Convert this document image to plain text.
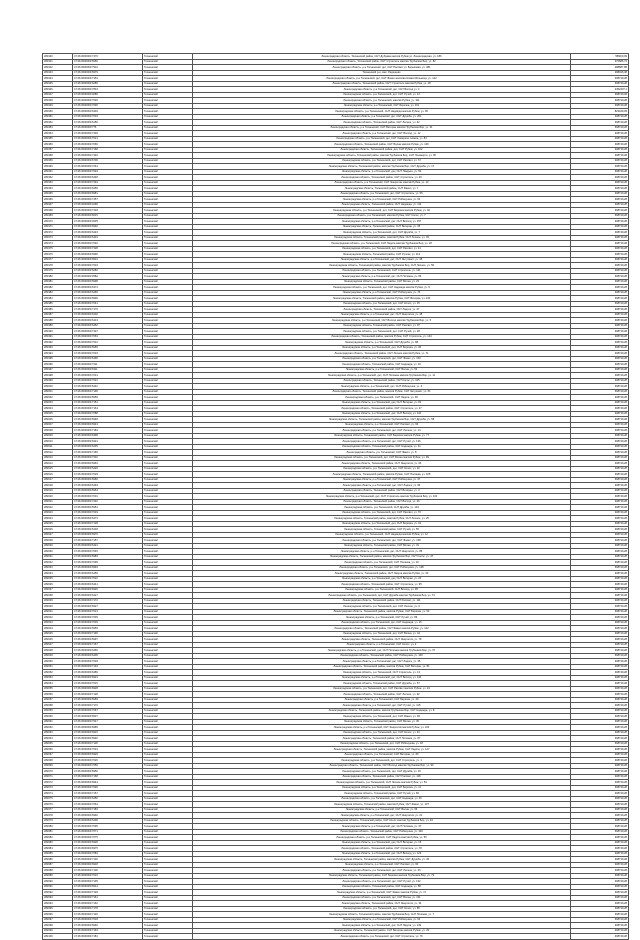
281940	47:26:0000000:7476	Тосненский	Ленинградская область, Тосненский район, СНТ Дубрава массив Рубеж ул. Ленинградская, уч. 186	5890(9,09
281941	47:26:0000000:6956	Тосненский	Ленинградская область, Тосненский район, СНТ Строитель массив Трубников Бор, уч. 82	370886,74
281942	47:26:0000000:7901	Тосненский	Ленинградская область, р-н Тосненский, днт, СНТ Рассвет ул. Березовая, уч. 381	288887,88
281943	47:26:0000000:6979	Тосненский	Тосненский р-н, мас. Радищево	298046,38
281944	47:26:0000000:7154	Тосненский	Ленинградская область, р-н Тосненский, днт, СНТ Факел массива Новая Мельница, уч. 142	308749,28
281945	47:26:0000000:6286	Тосненский	Ленинградская область, Тосненский район, СНТ Строитель массив Рубеж, уч. 18	308749,28
281946	47:26:0000000:7834	Тосненский	Ленинградская область, р-н Тосненский, днт, СНТ Восход уч. 4	2452437,1
281947	47:26:0000000:4086	Тосненский	Ленинградская область, р-н Тосненский, днт, СНТ Ручей, уч. 12	308749,28
281948	47:26:0000000:7030	Тосненский	Ленинградская область, р-н Тосненский, массив Рубеж, уч. 311	308749,28
281949	47:26:0000000:7090	Тосненский	Ленинградская область, р-н Тосненский, СНТ Березка, уч. 101	308749,28
281950	47:26:0000000:6304	Тосненский	Ленинградская область, р-н Тосненский, СНТ Надежда массив Рубеж, уч. 66	823449,09
281951	47:26:0000000:7004	Тосненский	Ленинградская область, р-н Тосненский, днт, СНТ Дружба, уч. 201	308749,28
281952	47:26:0000000:6150	Тосненский	Ленинградская область, Тосненский район, СНТ Лесное, уч. 42	308749,28
281953	47:26:0000000:776	Тосненский	Ленинградская область, р-н Тосненский, СНТ Ветеран массив Трубников Бор, уч. 31	308749,28
281954	47:26:0000000:7436	Тосненский	Ленинградская область, р-н Тосненский, днт, СНТ Восход, уч. 12	308749,28
281955	47:26:0000000:7021	Тосненский	Ленинградская область, р-н Тосненский, днт, СНТ Северное сияние, уч. 84	308749,28
281956	47:26:0000000:7066	Тосненский	Ленинградская область, Тосненский район, СНТ Волна массив Рубеж, уч. 109	308749,28
281957	47:26:0000000:7168	Тосненский	Ленинградская область, Тосненский район, днт, СНТ Рубеж, уч. 102	308749,28
281958	47:26:0000000:7446	Тосненский	Ленинградская область, Тосненский район, массив Трубников Бор, СНТ Ленэнерго, уч. 45	308749,28
281959	47:26:0000000:6706	Тосненский	Ленинградская область, р-н Тосненский, днт, СНТ Рассвет, уч. 72	308749,28
281960	47:26:0000000:7261	Тосненский	Ленинградская область, Тосненский район, массив Трубников Бор, СНТ Дружба, уч. 17	308749,28
281961	47:26:0000000:7094	Тосненский	Ленинградская область, р-н Тосненский, днт, СНТ Ландыш, уч. 50	308749,28
281962	47:26:0000000:6448	Тосненский	Ленинградская область, Тосненский район, СНТ Строитель, уч. 46	308749,28
281963	47:26:0000000:7294	Тосненский	Ленинградская область, р-н Тосненский, СНТ Энергетик массив Рубеж, уч. 13	308749,28
281964	47:26:0000000:6456	Тосненский	Ленинградская область, Тосненский район, СНТ Факел, уч. 7	308749,28
281965	47:26:0000000:6981	Тосненский	Ленинградская область, р-н Тосненский, днт, СНТ Строитель, уч. 56	308749,28
281966	47:26:0000000:7457	Тосненский	Ленинградская область, р-н Тосненский, СНТ Рябинушка, уч. 63	308749,28
281967	47:26:0000000:4290	Тосненский	Ленинградская область, Тосненский район, СНТ Надежда, уч. 114	308749,28
281968	47:26:0000000:7418	Тосненский	Ленинградская область, р-н Тосненский, днт, СНТ Березка массив Рубеж, уч. 92	308749,28
281969	47:26:0000000:6615	Тосненский	Ленинградская область, р-н Тосненский, массив Рубеж, СНТ Колос, уч. 7	308749,28
281970	47:26:0000000:4535	Тосненский	Ленинградская область, р-н Тосненский, днт, СНТ Восход, уч. 157	308749,28
281971	47:26:0000000:6992	Тосненский	Ленинградская область, Тосненский район, СНТ Ветеран, уч. 95	308749,28
281972	47:26:0000000:6424	Тосненский	Ленинградская область, р-н Тосненский, днт, СНТ Дружба, уч. 7	308749,28
281973	47:26:0000000:6434	Тосненский	Ленинградская область, Тосненский район, массив Рубеж, СНТ Лесное, уч. 33	308749,28
281974	47:26:0000000:7046	Тосненский	Ленинградская область, р-н Тосненский, СНТ Ладога массив Трубников Бор, уч. 18	308749,28
281975	47:26:0000000:7328	Тосненский	Ленинградская область, р-н Тосненский, днт, СНТ Рассвет, уч. 41	308749,28
281976	47:26:0000000:6996	Тосненский	Ленинградская область, Тосненский район, СНТ Ручеек, уч. 112	308749,28
281977	47:26:0000000:6501	Тосненский	Ленинградская область, р-н Тосненский, днт, СНТ Энтузиаст, уч. 35	308749,28
281978	47:26:0000000:7004	Тосненский	Ленинградская область, Тосненский район, массив Трубников Бор, СНТ Лесное, уч. 59	308749,28
281979	47:26:0000000:6282	Тосненский	Ленинградская область, р-н Тосненский, СНТ Строитель, уч. 121	308749,28
281980	47:26:0000000:4582	Тосненский	Ленинградская область, р-н Тосненский, днт, СНТ Полянка, уч. 84	308749,28
281981	47:26:0000000:6998	Тосненский	Ленинградская область, Тосненский район, СНТ Волна, уч. 23	308749,28
281982	47:26:0000000:6474	Тосненский	Ленинградская область, р-н Тосненский, днт, СНТ Надежда массив Рубеж, уч. 9	308749,28
281983	47:26:0000000:6465	Тосненский	Ленинградская область, р-н Тосненский, СНТ Рябинушка, уч. 76	308749,28
281984	47:26:0000000:6999	Тосненский	Ленинградская область, Тосненский район, массив Рубеж, СНТ Ветеран, уч. 130	308749,28
281985	47:26:0000000:7041	Тосненский	Ленинградская область, р-н Тосненский, днт, СНТ Колос, уч. 15	308749,28
281986	47:26:0000000:7176	Тосненский	Ленинградская область, Тосненский район, СНТ Ладога, уч. 67	308749,28
281987	47:26:0000000:6402	Тосненский	Ленинградская область, р-н Тосненский, днт, СНТ Энергетик, уч. 48	308749,28
281988	47:26:0000000:6413	Тосненский	Ленинградская область, р-н Тосненский, СНТ Восход массив Трубников Бор, уч. 5	308749,28
281989	47:26:0000000:6452	Тосненский	Ленинградская область, Тосненский район, СНТ Рассвет, уч. 97	308749,28
281990	47:26:0000000:7437	Тосненский	Ленинградская область, р-н Тосненский, днт, СНТ Ручей, уч. 28	308749,28
281991	47:26:0000000:7063	Тосненский	Ленинградская область, Тосненский район, массив Рубеж, СНТ Строитель, уч. 144	308749,28
281992	47:26:0000000:7012	Тосненский	Ленинградская область, р-н Тосненский, СНТ Дружба, уч. 88	308749,28
281993	47:26:0000000:6966	Тосненский	Ленинградская область, р-н Тосненский, днт, СНТ Березка, уч. 36	308749,28
281994	47:26:0000000:7033	Тосненский	Ленинградская область, Тосненский район, СНТ Лесное массив Рубеж, уч. 71	308749,28
281995	47:26:0000000:6490	Тосненский	Ленинградская область, р-н Тосненский, днт, СНТ Факел, уч. 103	308749,28
281996	47:26:0000000:7211	Тосненский	Ленинградская область, Тосненский район, СНТ Надежда, уч. 19	308749,28
281997	47:26:0000000:6311	Тосненский	Ленинградская область, р-н Тосненский, СНТ Волна, уч. 52	308749,28
281998	47:26:0000000:7014	Тосненский	Ленинградская область, р-н Тосненский, днт, СНТ Полянка массив Трубников Бор, уч. 11	308749,28
281999	47:26:0000000:7031	Тосненский	Ленинградская область, Тосненский район, СНТ Колос, уч. 125	308749,28
282000	47:26:0000000:6442	Тосненский	Ленинградская область, р-н Тосненский, днт, СНТ Рябинушка, уч. 4	308749,28
282001	47:26:0000000:7190	Тосненский	Ленинградская область, Тосненский район, массив Рубеж, СНТ Энтузиаст, уч. 61	308749,28
282002	47:26:0000000:6956	Тосненский	Ленинградская область, р-н Тосненский, СНТ Ладога, уч. 39	308749,28
282003	47:26:0000000:7151	Тосненский	Ленинградская область, р-н Тосненский, днт, СНТ Ветеран, уч. 82	308749,28
282004	47:26:0000000:7164	Тосненский	Ленинградская область, Тосненский район, СНТ Строитель, уч. 27	308749,28
282005	47:26:0000000:7088	Тосненский	Ленинградская область, р-н Тосненский, днт, СНТ Восход, уч. 116	308749,28
282006	47:26:0000000:6948	Тосненский	Ленинградская область, Тосненский район, массив Трубников Бор, СНТ Дружба, уч. 58	308749,28
282007	47:26:0000000:6943	Тосненский	Ленинградская область, р-н Тосненский, СНТ Рассвет, уч. 93	308749,28
282008	47:26:0000000:7184	Тосненский	Ленинградская область, р-н Тосненский, днт, СНТ Лесное, уч. 14	308749,28
282009	47:26:0000000:6398	Тосненский	Ленинградская область, Тосненский район, СНТ Березка массив Рубеж, уч. 77	308749,28
282010	47:26:0000000:6321	Тосненский	Ленинградская область, р-н Тосненский, днт, СНТ Ручей, уч. 136	308749,28
282011	47:26:0000000:6435	Тосненский	Ленинградская область, Тосненский район, СНТ Надежда, уч. 41	308749,28
282012	47:26:0000000:7160	Тосненский	Ленинградская область, р-н Тосненский, СНТ Факел, уч. 8	308749,28
282013	47:26:0000000:7232	Тосненский	Ленинградская область, р-н Тосненский, днт, СНТ Волна массив Рубеж, уч. 99	308749,28
282014	47:26:0000000:6963	Тосненский	Ленинградская область, Тосненский район, СНТ Энергетик, уч. 64	308749,28
282015	47:26:0000000:6429	Тосненский	Ленинградская область, р-н Тосненский, днт, СНТ Колос, уч. 22	308749,28
282016	47:26:0000000:7029	Тосненский	Ленинградская область, Тосненский район, массив Рубеж, СНТ Полянка, уч. 105	308749,28
282017	47:26:0000000:6960	Тосненский	Ленинградская область, р-н Тосненский, СНТ Рябинушка, уч. 37	308749,28
282018	47:26:0000000:6494	Тосненский	Ленинградская область, р-н Тосненский, днт, СНТ Ладога, уч. 84	308749,28
282019	47:26:0000000:6964	Тосненский	Ленинградская область, Тосненский район, СНТ Ветеран, уч. 3	308749,28
282020	47:26:0000000:7001	Тосненский	Ленинградская область, р-н Тосненский, днт, СНТ Строитель массив Трубников Бор, уч. 119	308749,28
282021	47:26:0000000:7240	Тосненский	Ленинградская область, Тосненский район, СНТ Восход, уч. 46	308749,28
282022	47:26:0000000:6951	Тосненский	Ленинградская область, р-н Тосненский, СНТ Дружба, уч. 133	308749,28
282023	47:26:0000000:7019	Тосненский	Ленинградская область, р-н Тосненский, днт, СНТ Рассвет, уч. 70	308749,28
282024	47:26:0000000:6473	Тосненский	Ленинградская область, Тосненский район, массив Рубеж, СНТ Лесное, уч. 25	308749,28
282025	47:26:0000000:7128	Тосненский	Ленинградская область, р-н Тосненский, днт, СНТ Березка, уч. 91	308749,28
282026	47:26:0000000:6418	Тосненский	Ленинградская область, Тосненский район, СНТ Ручей, уч. 55	308749,28
282027	47:26:0000000:6976	Тосненский	Ленинградская область, р-н Тосненский, СНТ Надежда массив Рубеж, уч. 12	308749,28
282028	47:26:0000000:7157	Тосненский	Ленинградская область, р-н Тосненский, днт, СНТ Факел, уч. 108	308749,28
282029	47:26:0000000:6421	Тосненский	Ленинградская область, Тосненский район, СНТ Волна, уч. 31	308749,28
282030	47:26:0000000:7045	Тосненский	Ленинградская область, р-н Тосненский, днт, СНТ Энергетик, уч. 86	308749,28
282031	47:26:0000000:6983	Тосненский	Ленинградская область, Тосненский район, массив Трубников Бор, СНТ Колос, уч. 47	308749,28
282032	47:26:0000000:7099	Тосненский	Ленинградская область, р-н Тосненский, СНТ Полянка, уч. 10	308749,28
282033	47:26:0000000:6994	Тосненский	Ленинградская область, р-н Тосненский, днт, СНТ Рябинушка, уч. 128	308749,28
282034	47:26:0000000:6456	Тосненский	Ленинградская область, Тосненский район, СНТ Ладога массив Рубеж, уч. 63	308749,28
282035	47:26:0000000:7022	Тосненский	Ленинградская область, р-н Тосненский, днт, СНТ Ветеран, уч. 20	308749,28
282036	47:26:0000000:6441	Тосненский	Ленинградская область, Тосненский район, СНТ Строитель, уч. 95	308749,28
282037	47:26:0000000:6920	Тосненский	Ленинградская область, р-н Тосненский, СНТ Восход, уч. 38	308749,28
282038	47:26:0000000:6427	Тосненский	Ленинградская область, р-н Тосненский, днт, СНТ Дружба массив Трубников Бор, уч. 74	308749,28
282039	47:26:0000000:7172	Тосненский	Ленинградская область, Тосненский район, СНТ Рассвет, уч. 111	308749,28
282040	47:26:0000000:6927	Тосненский	Ленинградская область, р-н Тосненский, днт, СНТ Лесное, уч. 6	308749,28
282041	47:26:0000000:7013	Тосненский	Ленинградская область, Тосненский район, массив Рубеж, СНТ Березка, уч. 53	308749,28
282042	47:26:0000000:7039	Тосненский	Ленинградская область, р-н Тосненский, СНТ Ручей, уч. 89	308749,28
282043	47:26:0000000:7036	Тосненский	Ленинградская область, р-н Тосненский, днт, СНТ Надежда, уч. 16	308749,28
282044	47:26:0000000:6959	Тосненский	Ленинградская область, Тосненский район, СНТ Факел массив Рубеж, уч. 122	308749,28
282045	47:26:0000000:7190	Тосненский	Ленинградская область, р-н Тосненский, днт, СНТ Волна, уч. 44	308749,28
282046	47:26:0000000:6997	Тосненский	Ленинградская область, Тосненский район, СНТ Энергетик, уч. 79	308749,28
282047	47:26:0000000:7167	Тосненский	Ленинградская область, р-н Тосненский, СНТ Колос, уч. 2	308749,28
282048	47:26:0000000:6466	Тосненский	Ленинградская область, р-н Тосненский, днт, СНТ Полянка массив Трубников Бор, уч. 67	308749,28
282049	47:26:0000000:6406	Тосненский	Ленинградская область, Тосненский район, СНТ Рябинушка, уч. 100	308749,28
282050	47:26:0000000:7018	Тосненский	Ленинградская область, р-н Тосненский, днт, СНТ Ладога, уч. 35	308749,28
282051	47:26:0000000:7194	Тосненский	Ленинградская область, Тосненский район, массив Рубеж, СНТ Ветеран, уч. 81	308749,28
282052	47:26:0000000:6489	Тосненский	Ленинградская область, р-н Тосненский, СНТ Строитель, уч. 13	308749,28
282053	47:26:0000000:6924	Тосненский	Ленинградская область, р-н Тосненский, днт, СНТ Восход, уч. 140	308749,28
282054	47:26:0000000:7015	Тосненский	Ленинградская область, Тосненский район, СНТ Дружба, уч. 57	308749,28
282055	47:26:0000000:6928	Тосненский	Ленинградская область, р-н Тосненский, днт, СНТ Рассвет массив Рубеж, уч. 24	308749,28
282056	47:26:0000000:7128	Тосненский	Ленинградская область, Тосненский район, СНТ Лесное, уч. 92	308749,28
282057	47:26:0000000:6969	Тосненский	Ленинградская область, р-н Тосненский, СНТ Березка, уч. 49	308749,28
282058	47:26:0000000:7170	Тосненский	Ленинградская область, р-н Тосненский, днт, СНТ Ручей, уч. 115	308749,28
282059	47:26:0000000:7067	Тосненский	Ленинградская область, Тосненский район, массив Трубников Бор, СНТ Надежда, уч. 8	308749,28
282060	47:26:0000000:6937	Тосненский	Ленинградская область, р-н Тосненский, днт, СНТ Факел, уч. 69	308749,28
282061	47:26:0000000:7047	Тосненский	Ленинградская область, Тосненский район, СНТ Волна, уч. 30	308749,28
282062	47:26:0000000:6985	Тосненский	Ленинградская область, р-н Тосненский, СНТ Энергетик массив Рубеж, уч. 104	308749,28
282063	47:26:0000000:6915	Тосненский	Ленинградская область, р-н Тосненский, днт, СНТ Колос, уч. 43	308749,28
282064	47:26:0000000:6992	Тосненский	Ленинградская область, Тосненский район, СНТ Полянка, уч. 87	308749,28
282065	47:26:0000000:7118	Тосненский	Ленинградская область, р-н Тосненский, днт, СНТ Рябинушка, уч. 18	308749,28
282066	47:26:0000000:7001	Тосненский	Ленинградская область, Тосненский район, массив Рубеж, СНТ Ладога, уч. 127	308749,28
282067	47:26:0000000:6929	Тосненский	Ленинградская область, р-н Тосненский, СНТ Ветеран, уч. 60	308749,28
282068	47:26:0000000:7026	Тосненский	Ленинградская область, р-н Тосненский, днт, СНТ Строитель, уч. 1	308749,28
282069	47:26:0000000:7050	Тосненский	Ленинградская область, Тосненский район, СНТ Восход массив Трубников Бор, уч. 96	308749,28
282070	47:26:0000000:6956	Тосненский	Ленинградская область, р-н Тосненский, днт, СНТ Дружба, уч. 33	308749,28
282071	47:26:0000000:7168	Тосненский	Ленинградская область, Тосненский район, СНТ Рассвет, уч. 118	308749,28
282072	47:26:0000000:6944	Тосненский	Ленинградская область, р-н Тосненский, СНТ Лесное массив Рубеж, уч. 54	308749,28
282073	47:26:0000000:7090	Тосненский	Ленинградская область, р-н Тосненский, днт, СНТ Березка, уч. 11	308749,28
282074	47:26:0000000:7157	Тосненский	Ленинградская область, Тосненский район, СНТ Ручей, уч. 83	308749,28
282075	47:26:0000000:6450	Тосненский	Ленинградская область, р-н Тосненский, днт, СНТ Надежда, уч. 40	308749,28
282076	47:26:0000000:7064	Тосненский	Ленинградская область, Тосненский район, массив Рубеж, СНТ Факел, уч. 137	308749,28
282077	47:26:0000000:7183	Тосненский	Ленинградская область, р-н Тосненский, СНТ Волна, уч. 66	308749,28
282078	47:26:0000000:6992	Тосненский	Ленинградская область, р-н Тосненский, днт, СНТ Энергетик, уч. 21	308749,28
282079	47:26:0000000:6400	Тосненский	Ленинградская область, Тосненский район, СНТ Колос массив Трубников Бор, уч. 94	308749,28
282080	47:26:0000000:7095	Тосненский	Ленинградская область, р-н Тосненский, днт, СНТ Полянка, уч. 37	308749,28
282081	47:26:0000000:7071	Тосненский	Ленинградская область, Тосненский район, СНТ Рябинушка, уч. 109	308749,28
282082	47:26:0000000:7075	Тосненский	Ленинградская область, р-н Тосненский, СНТ Ладога массив Рубеж, уч. 50	308749,28
282083	47:26:0000000:6928	Тосненский	Ленинградская область, р-н Тосненский, днт, СНТ Ветеран, уч. 15	308749,28
282084	47:26:0000000:6975	Тосненский	Ленинградская область, Тосненский район, СНТ Строитель, уч. 78	308749,28
282085	47:26:0000000:7084	Тосненский	Ленинградская область, р-н Тосненский, днт, СНТ Восход, уч. 123	308749,28
282086	47:26:0000000:7130	Тосненский	Ленинградская область, Тосненский район, массив Рубеж, СНТ Дружба, уч. 45	308749,28
282087	47:26:0000000:6918	Тосненский	Ленинградская область, р-н Тосненский, СНТ Рассвет, уч. 90	308749,28
282088	47:26:0000000:7106	Тосненский	Ленинградская область, р-н Тосненский, днт, СНТ Лесное, уч. 26	308749,28
282089	47:26:0000000:7010	Тосненский	Ленинградская область, Тосненский район, СНТ Березка массив Трубников Бор, уч. 73	308749,28
282090	47:26:0000000:7135	Тосненский	Ленинградская область, р-н Тосненский, днт, СНТ Ручей, уч. 132	308749,28
282091	47:26:0000000:6914	Тосненский	Ленинградская область, Тосненский район, СНТ Надежда, уч. 58	308749,28
282092	47:26:0000000:7139	Тосненский	Ленинградская область, р-н Тосненский, СНТ Факел массив Рубеж, уч. 17	308749,28
282093	47:26:0000000:7161	Тосненский	Ленинградская область, р-н Тосненский, днт, СНТ Волна, уч. 101	308749,28
282094	47:26:0000000:7162	Тосненский	Ленинградская область, Тосненский район, СНТ Энергетик, уч. 34	308749,28
282095	47:26:0000000:7178	Тосненский	Ленинградская область, р-н Тосненский, днт, СНТ Колос, уч. 85	308749,28
282096	47:26:0000000:7120	Тосненский	Ленинградская область, Тосненский район, массив Трубников Бор, СНТ Полянка, уч. 7	308749,28
282097	47:26:0000000:7018	Тосненский	Ленинградская область, р-н Тосненский, СНТ Рябинушка, уч. 62	308749,28
282098	47:26:0000000:6992	Тосненский	Ленинградская область, р-н Тосненский, днт, СНТ Ладога, уч. 139	308749,28
282099	47:26:0000000:7163	Тосненский	Ленинградская область, Тосненский район, СНТ Ветеран массив Рубеж, уч. 29	308749,28
282100	47:26:0000000:7181	Тосненский	Ленинградская область, р-н Тосненский, днт, СНТ Строитель, уч. 76	308749,28
